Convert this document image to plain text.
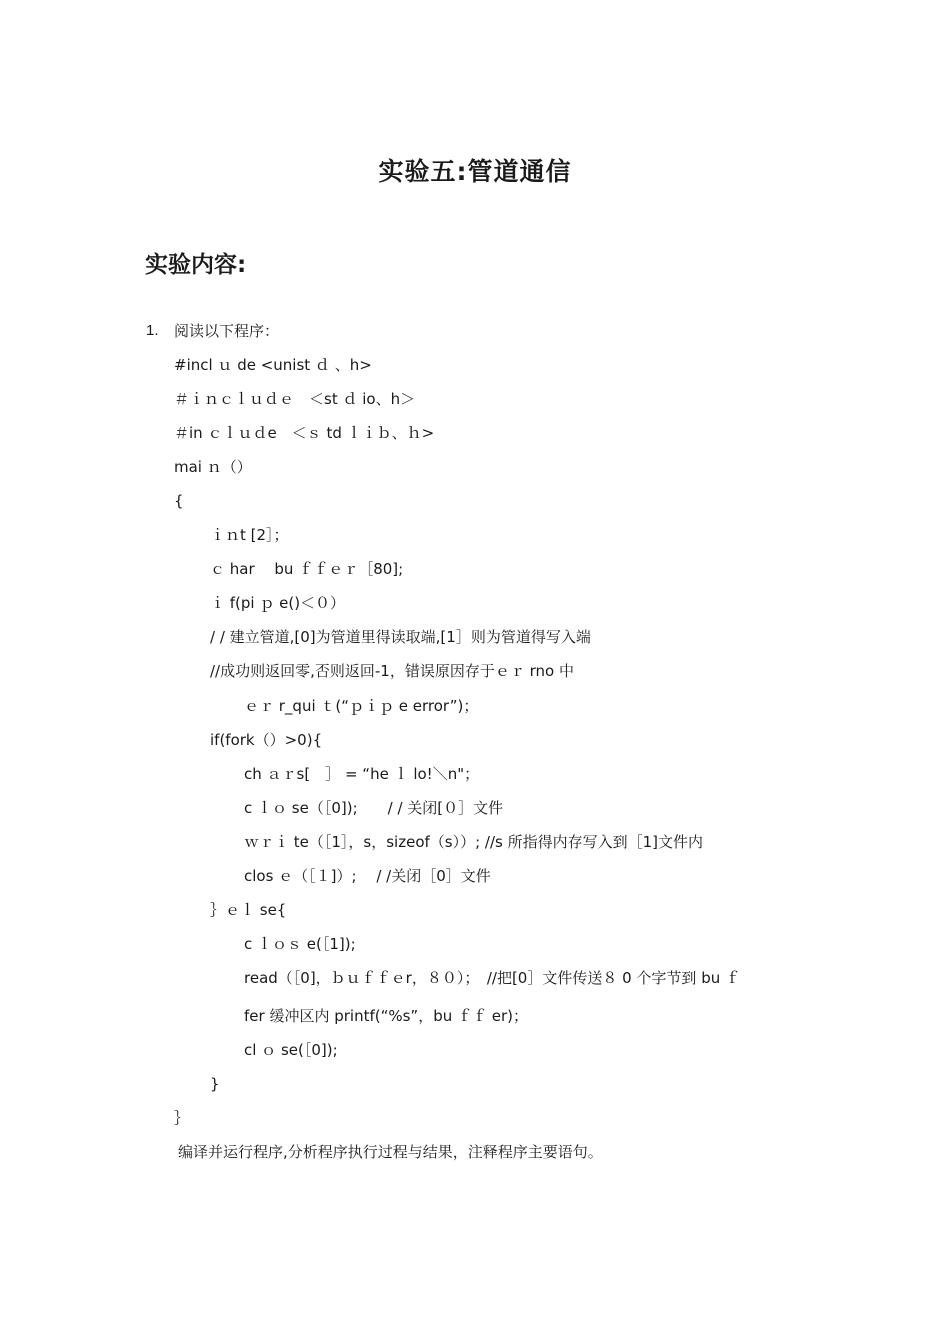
实验五:管道通信
实验内容:
1. 阅读以下程序：
#incl ｕ de <unist ｄ 、h>
＃ｉｎｃｌｕｄｅ　＜st ｄ io、h＞
＃in ｃｌｕｄe　＜ｓ td ｌｉｂ、ｈ>
mai ｎ（）
{
ｉｎt [2］；
ｃ har　 bu ｆｆｅｒ［80];
ｉ f(pi ｐ e()＜０）
/ / 建立管道,[0]为管道里得读取端,[1］则为管道得写入端
//成功则返回零,否则返回-1，错误原因存于ｅｒ rno 中
ｅｒ r_qui ｔ(“ｐｉｐ e error”)；
if(fork（）>0){
ch ａｒs[　］ = “he ｌ lo!＼n"；
c ｌｏ se（［0]);　　/ / 关闭[０］文件
ｗｒｉ te（［1］，s，sizeof（s））; //s 所指得内存写入到［1]文件内
clos ｅ（［１]）;　 / /关闭［0］文件
｝ｅｌ se{
c ｌｏｓ e(［1]);
read（［0]，ｂｕｆｆｅr，８０）；　//把[0］文件传送８ 0 个字节到 bu ｆ
fer 缓冲区内 printf(“%s”，bu ｆｆ er)；
cl ｏ se(［0]);
}
｝
编译并运行程序,分析程序执行过程与结果，注释程序主要语句。
